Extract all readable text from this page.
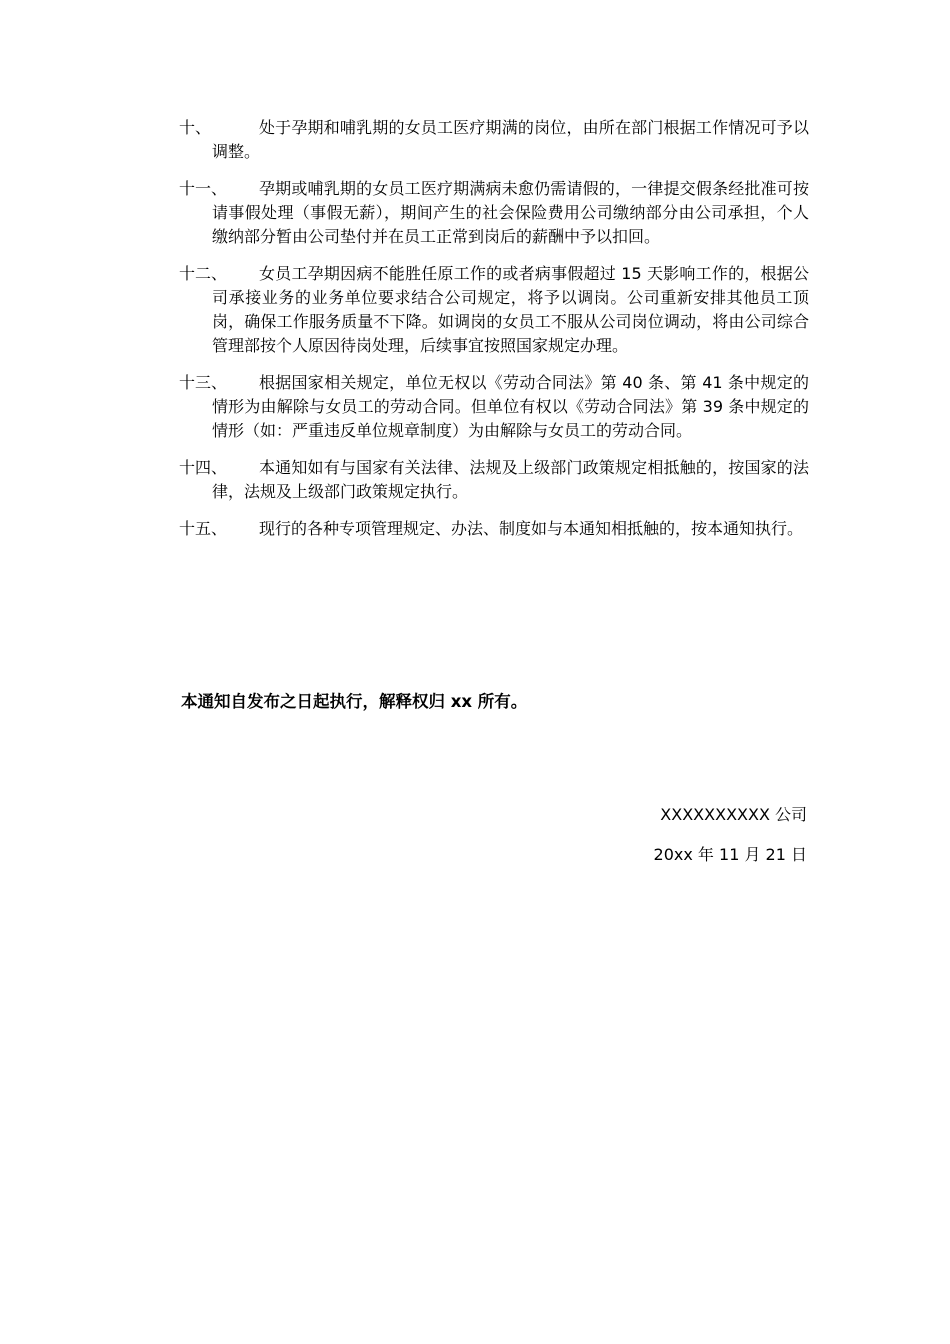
十、	处于孕期和哺乳期的女员工医疗期满的岗位，由所在部门根据工作情况可予以调整。
十一、	孕期或哺乳期的女员工医疗期满病未愈仍需请假的，一律提交假条经批准可按请事假处理（事假无薪），期间产生的社会保险费用公司缴纳部分由公司承担，个人缴纳部分暂由公司垫付并在员工正常到岗后的薪酬中予以扣回。
十二、	女员工孕期因病不能胜任原工作的或者病事假超过 15 天影响工作的，根据公司承接业务的业务单位要求结合公司规定，将予以调岗。公司重新安排其他员工顶岗，确保工作服务质量不下降。如调岗的女员工不服从公司岗位调动，将由公司综合管理部按个人原因待岗处理，后续事宜按照国家规定办理。
十三、	根据国家相关规定，单位无权以《劳动合同法》第 40 条、第 41 条中规定的情形为由解除与女员工的劳动合同。但单位有权以《劳动合同法》第 39 条中规定的情形（如：严重违反单位规章制度）为由解除与女员工的劳动合同。
十四、	本通知如有与国家有关法律、法规及上级部门政策规定相抵触的，按国家的法律，法规及上级部门政策规定执行。
十五、	现行的各种专项管理规定、办法、制度如与本通知相抵触的，按本通知执行。
本通知自发布之日起执行，解释权归 xx 所有。
XXXXXXXXXX 公司
20xx 年 11 月 21 日
